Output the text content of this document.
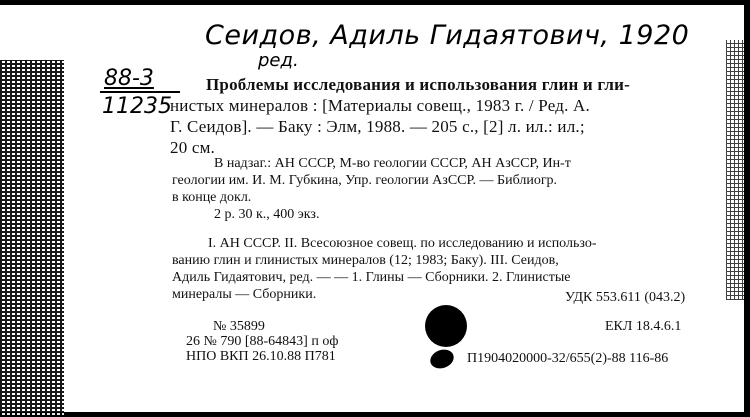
Сеидов, Адиль Гидаятович, 1920
ред.
88-3
11235
Проблемы исследования и использования глин и гли-
нистых минералов : [Материалы совещ., 1983 г. / Ред. А.
Г. Сеидов]. — Баку : Элм, 1988. — 205 с., [2] л. ил.: ил.;
20 см.
В надзаг.: АН СССР, М-во геологии СССР, АН АзССР, Ин-т
геологии им. И. М. Губкина, Упр. геологии АзССР. — Библиогр.
в конце докл.
2 р. 30 к., 400 экз.
I. АН СССР. II. Всесоюзное совещ. по исследованию и использо-
ванию глин и глинистых минералов (12; 1983; Баку). III. Сеидов,
Адиль Гидаятович, ред. — — 1. Глины — Сборники. 2. Глинистые
минералы — Сборники.	УДК 553.611 (043.2)
№ 35899
26 № 790 [88-64843] п оф
НПО ВКП 26.10.88 П781
ЕКЛ 18.4.6.1
П1904020000-32/655(2)-88 116-86
